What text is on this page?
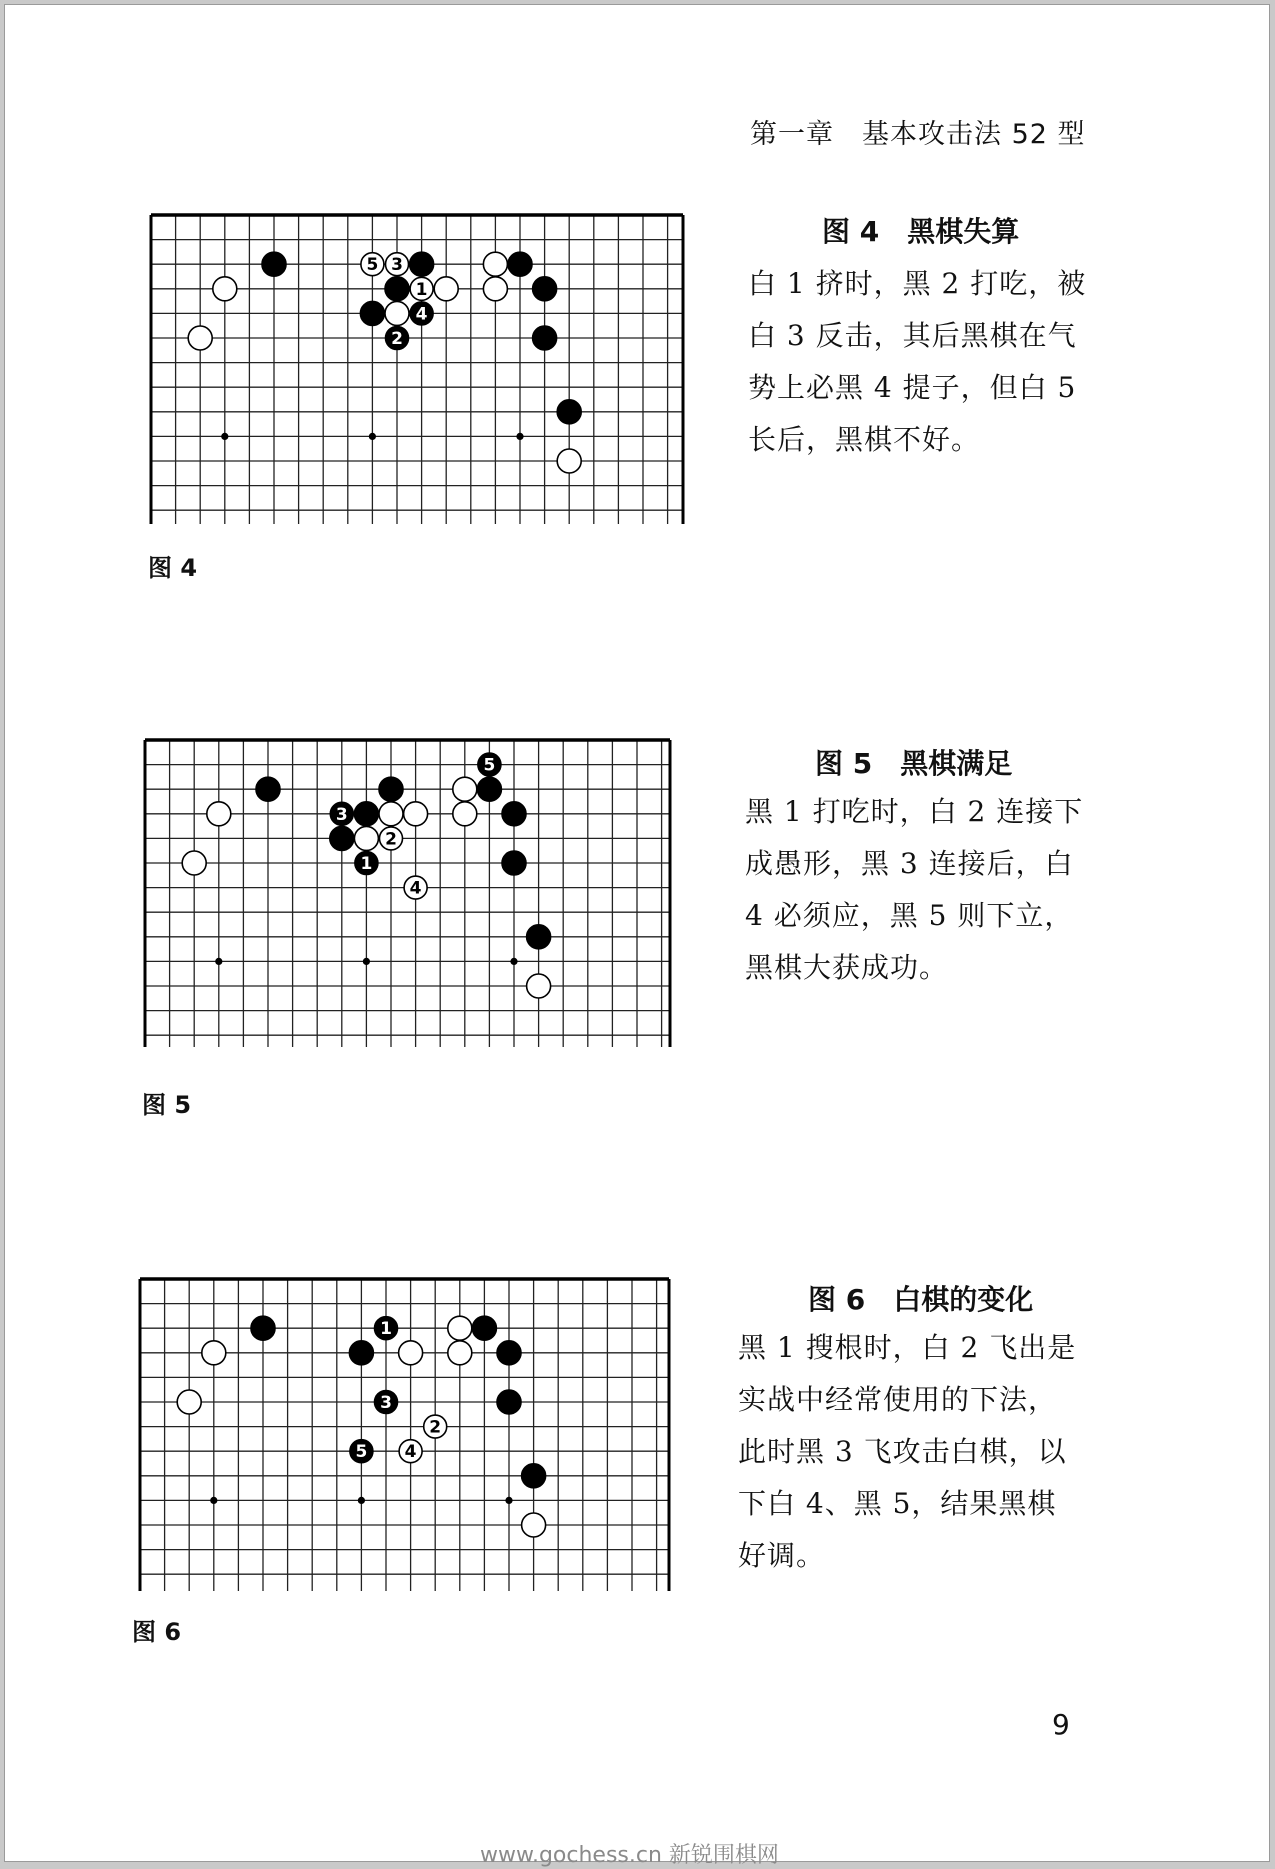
第一章　基本攻击法 52 型
5 3
1
4
2
图 4
图 4　黑棋失算
白 1 挤时，黑 2 打吃，被白 3 反击，其后黑棋在气势上必黑 4 提子，但白 5 长后，黑棋不好。
3
2
1
4
5
图 5
图 5　黑棋满足
黑 1 打吃时，白 2 连接下成愚形，黑 3 连接后，白 4 必须应，黑 5 则下立，黑棋大获成功。
1
3
2
5 4
图 6
图 6　白棋的变化
黑 1 搜根时，白 2 飞出是实战中经常使用的下法，此时黑 3 飞攻击白棋，以下白 4、黑 5，结果黑棋好调。
9
www.gochess.cn 新锐围棋网
